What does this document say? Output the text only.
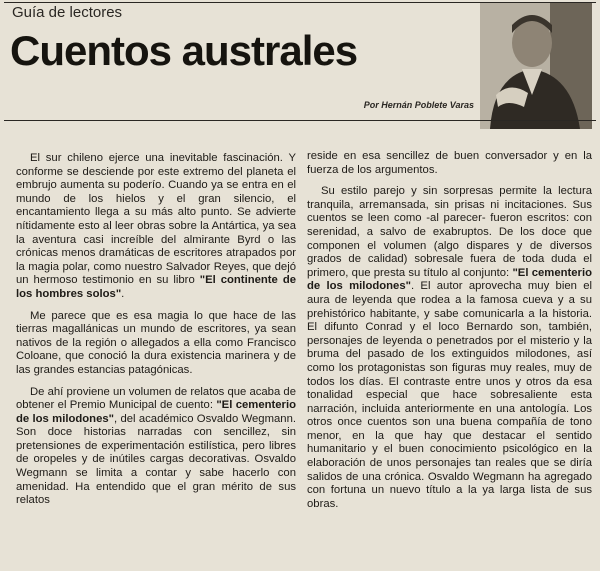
Guía de lectores
Cuentos australes
Por Hernán Poblete Varas

El sur chileno ejerce una inevitable fascinación. Y conforme se desciende por este extremo del planeta el embrujo aumenta su poderío. Cuando ya se entra en el mundo de los hielos y el gran silencio, el encantamiento llega a su más alto punto. Se advierte nítidamente esto al leer obras sobre la Antártica, ya sea la aventura casi increíble del almirante Byrd o las crónicas menos dramáticas de escritores atrapados por la magia polar, como nuestro Salvador Reyes, que dejó un hermoso testimonio en su libro "El continente de los hombres solos".

Me parece que es esa magia lo que hace de las tierras magallánicas un mundo de escritores, ya sean nativos de la región o allegados a ella como Francisco Coloane, que conoció la dura existencia marinera y de las grandes estancias patagónicas.

De ahí proviene un volumen de relatos que acaba de obtener el Premio Municipal de cuento: "El cementerio de los milodones", del académico Osvaldo Wegmann. Son doce historias narradas con sencillez, sin pretensiones de experimentación estilística, pero libres de oropeles y de inútiles cargas decorativas. Osvaldo Wegmann se limita a contar y sabe hacerlo con amenidad. Ha entendido que el gran mérito de sus relatos

reside en esa sencillez de buen conversador y en la fuerza de los argumentos.

Su estilo parejo y sin sorpresas permite la lectura tranquila, arremansada, sin prisas ni incitaciones. Sus cuentos se leen como -al parecer- fueron escritos: con serenidad, a salvo de exabruptos. De los doce que componen el volumen (algo dispares y de diversos grados de calidad) sobresale fuera de toda duda el primero, que presta su título al conjunto: "El cementerio de los milodones". El autor aprovecha muy bien el aura de leyenda que rodea a la famosa cueva y a su prehistórico habitante, y sabe comunicarla a la historia. El difunto Conrad y el loco Bernardo son, también, personajes de leyenda o penetrados por el misterio y la bruma del pasado de los extinguidos milodones, así como los protagonistas son figuras muy reales, muy de todos los días. El contraste entre unos y otros da esa tonalidad especial que hace sobresaliente esta narración, incluida anteriormente en una antología. Los otros once cuentos son una buena compañía de tono menor, en la que hay que destacar el sentido humanitario y el buen conocimiento psicológico en la elaboración de unos personajes tan reales que se diría salidos de una crónica. Osvaldo Wegmann ha agregado con fortuna un nuevo título a la ya larga lista de sus obras.
